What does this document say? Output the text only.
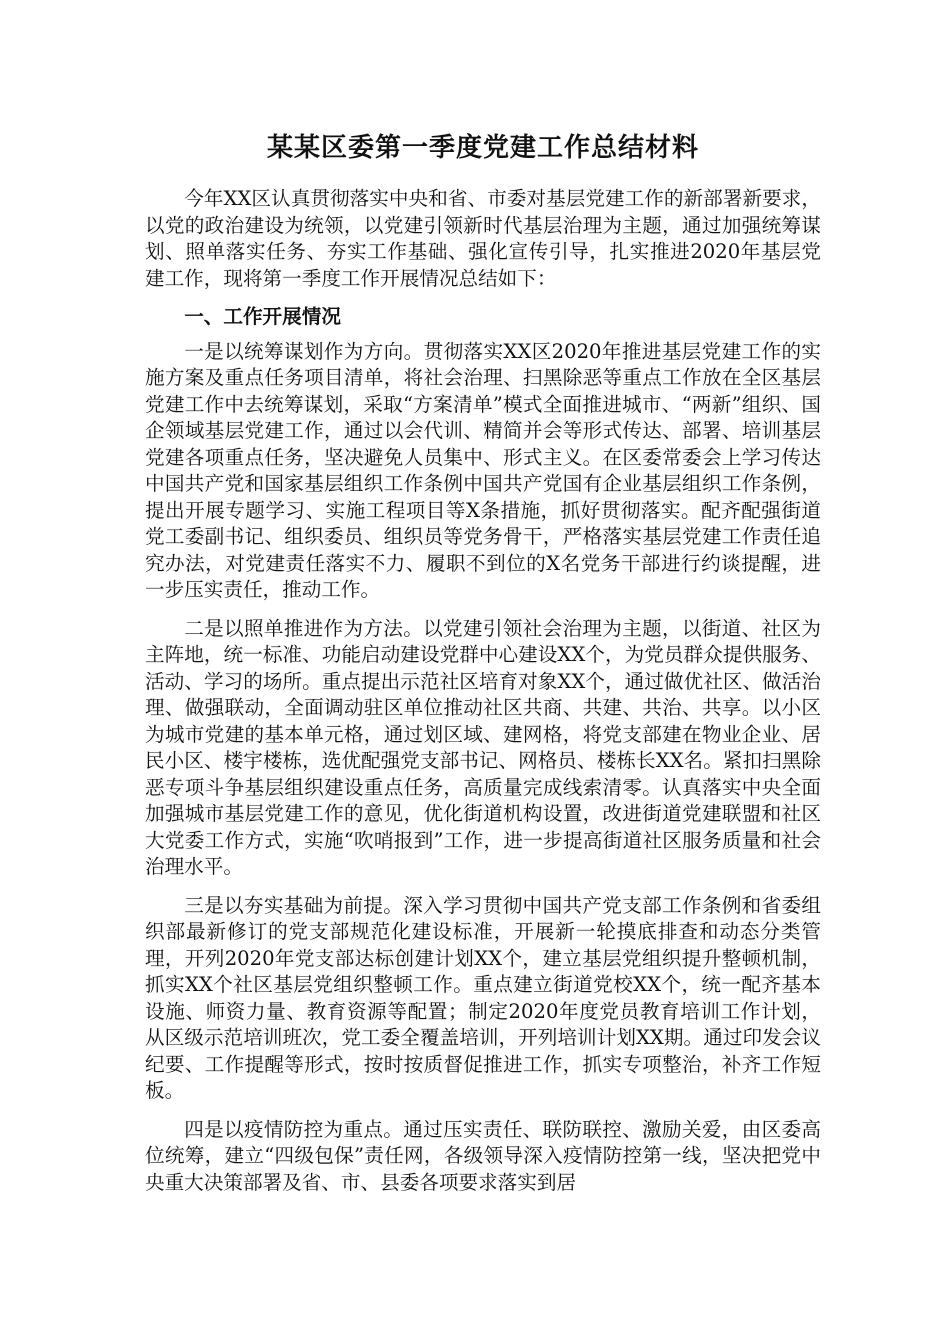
某某区委第一季度党建工作总结材料

今年XX区认真贯彻落实中央和省、市委对基层党建工作的新部署新要求，以党的政治建设为统领，以党建引领新时代基层治理为主题，通过加强统筹谋划、照单落实任务、夯实工作基础、强化宣传引导，扎实推进2020年基层党建工作，现将第一季度工作开展情况总结如下：

一、工作开展情况

一是以统筹谋划作为方向。贯彻落实XX区2020年推进基层党建工作的实施方案及重点任务项目清单，将社会治理、扫黑除恶等重点工作放在全区基层党建工作中去统筹谋划，采取“方案清单”模式全面推进城市、“两新”组织、国企领域基层党建工作，通过以会代训、精简并会等形式传达、部署、培训基层党建各项重点任务，坚决避免人员集中、形式主义。在区委常委会上学习传达中国共产党和国家基层组织工作条例中国共产党国有企业基层组织工作条例，提出开展专题学习、实施工程项目等X条措施，抓好贯彻落实。配齐配强街道党工委副书记、组织委员、组织员等党务骨干，严格落实基层党建工作责任追究办法，对党建责任落实不力、履职不到位的X名党务干部进行约谈提醒，进一步压实责任，推动工作。

二是以照单推进作为方法。以党建引领社会治理为主题，以街道、社区为主阵地，统一标准、功能启动建设党群中心建设XX个，为党员群众提供服务、活动、学习的场所。重点提出示范社区培育对象XX个，通过做优社区、做活治理、做强联动，全面调动驻区单位推动社区共商、共建、共治、共享。以小区为城市党建的基本单元格，通过划区域、建网格，将党支部建在物业企业、居民小区、楼宇楼栋，选优配强党支部书记、网格员、楼栋长XX名。紧扣扫黑除恶专项斗争基层组织建设重点任务，高质量完成线索清零。认真落实中央全面加强城市基层党建工作的意见，优化街道机构设置，改进街道党建联盟和社区大党委工作方式，实施“吹哨报到”工作，进一步提高街道社区服务质量和社会治理水平。

三是以夯实基础为前提。深入学习贯彻中国共产党支部工作条例和省委组织部最新修订的党支部规范化建设标准，开展新一轮摸底排查和动态分类管理，开列2020年党支部达标创建计划XX个，建立基层党组织提升整顿机制，抓实XX个社区基层党组织整顿工作。重点建立街道党校XX个，统一配齐基本设施、师资力量、教育资源等配置；制定2020年度党员教育培训工作计划，从区级示范培训班次，党工委全覆盖培训，开列培训计划XX期。通过印发会议纪要、工作提醒等形式，按时按质督促推进工作，抓实专项整治，补齐工作短板。

四是以疫情防控为重点。通过压实责任、联防联控、激励关爱，由区委高位统筹，建立“四级包保”责任网，各级领导深入疫情防控第一线，坚决把党中央重大决策部署及省、市、县委各项要求落实到居
